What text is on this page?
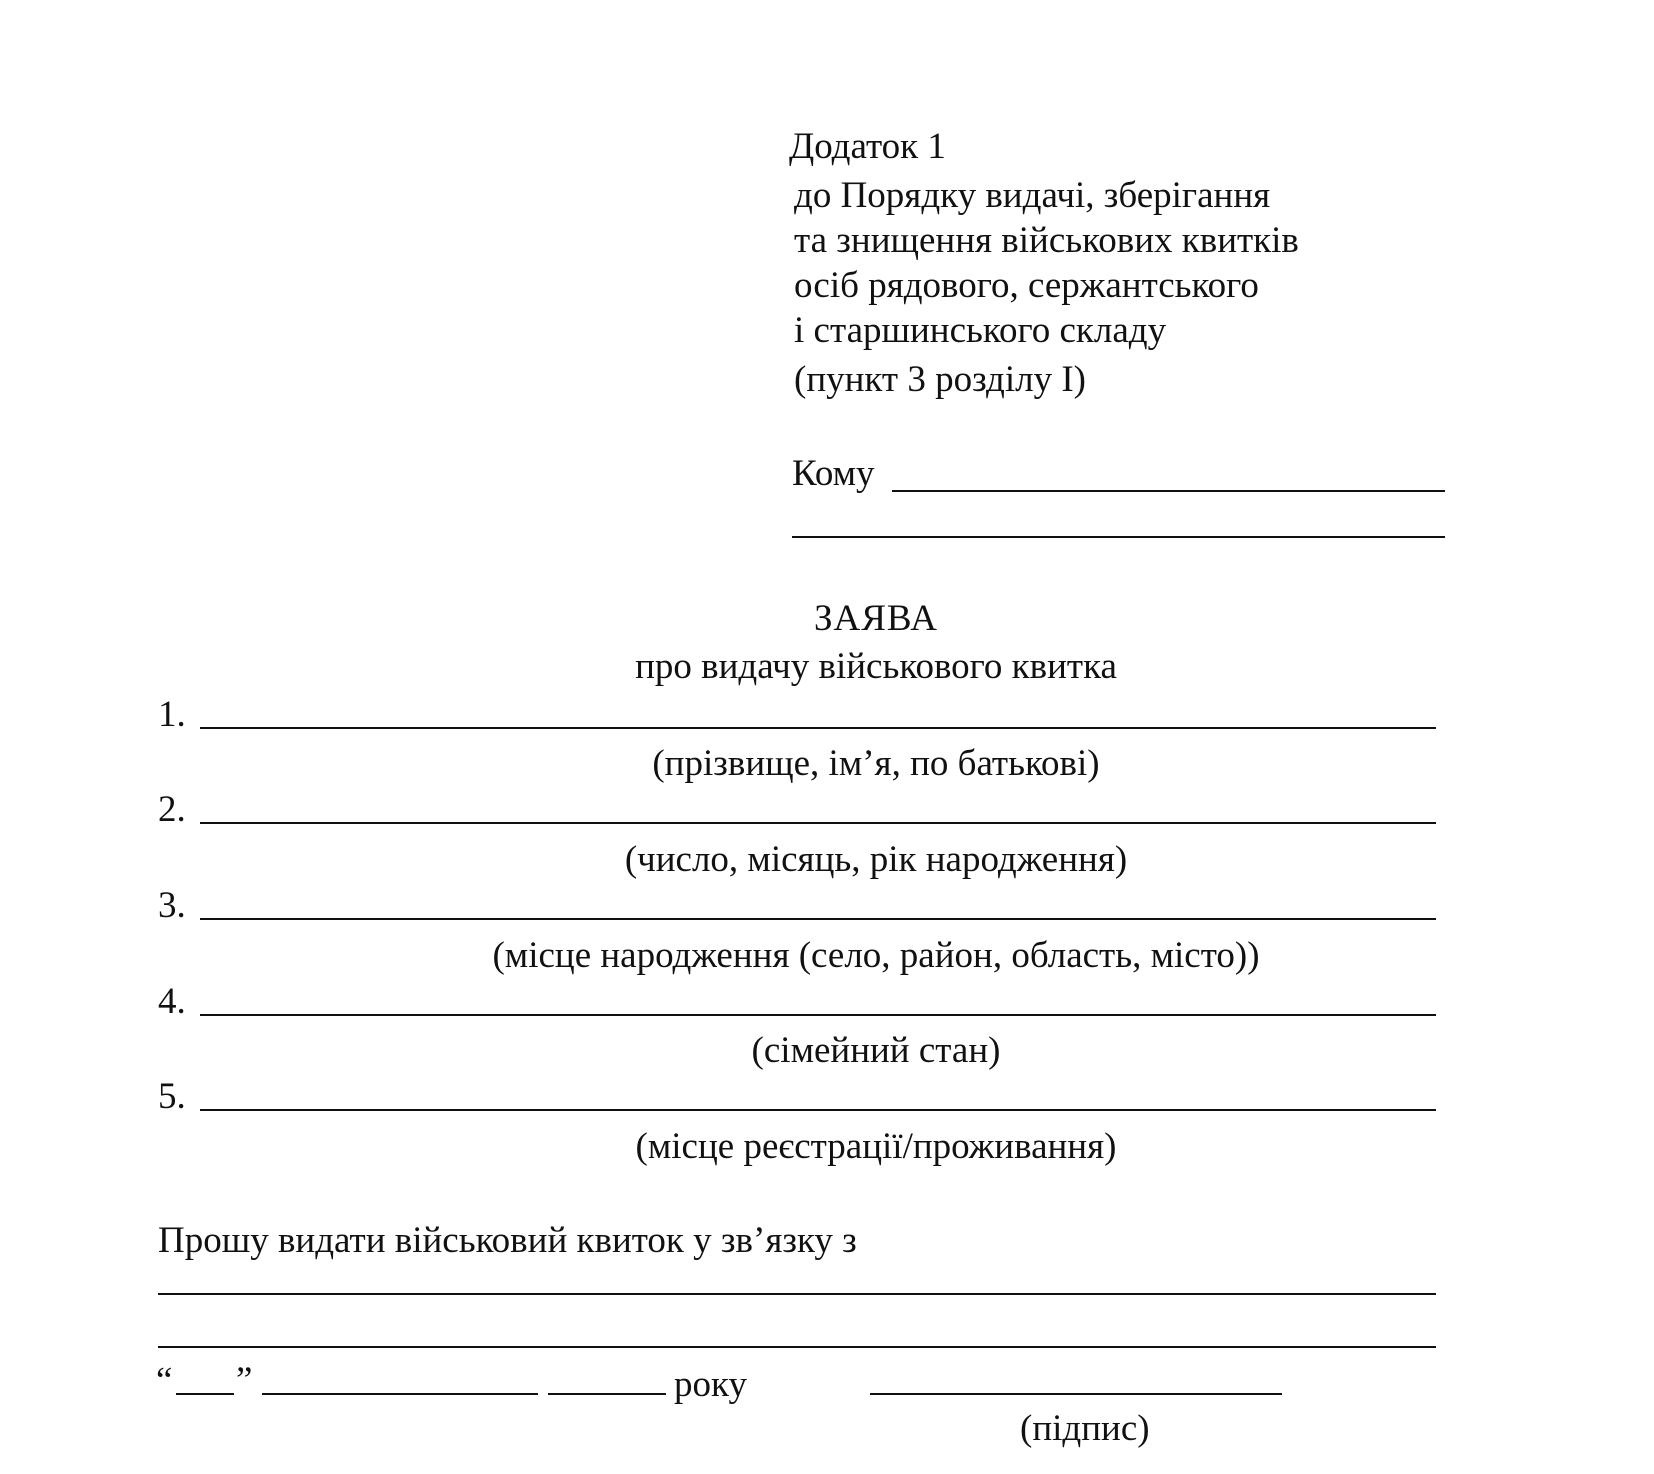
Додаток 1
до Порядку видачі, зберігання
та знищення військових квитків
осіб рядового, сержантського
і старшинського складу
(пункт 3 розділу І)
Кому
ЗАЯВА
про видачу військового квитка
1.
(прізвище, ім’я, по батькові)
2.
(число, місяць, рік народження)
3.
(місце народження (село, район, область, місто))
4.
(сімейний стан)
5.
(місце реєстрації/проживання)
Прошу видати військовий квиток у зв’язку з
“ ”	року
(підпис)
